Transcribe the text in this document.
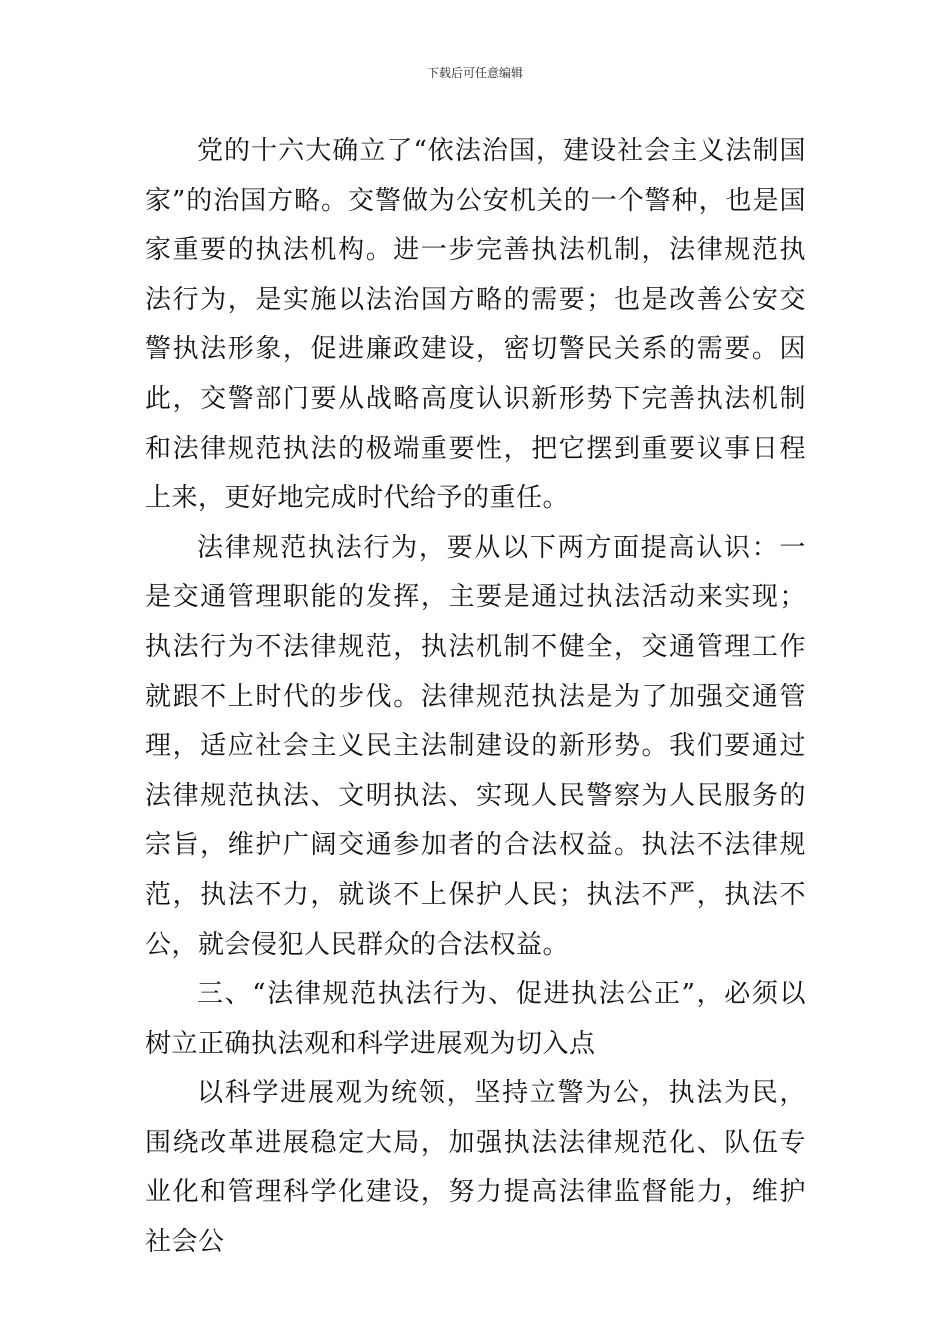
下载后可任意编辑

党的十六大确立了“依法治国，建设社会主义法制国家”的治国方略。交警做为公安机关的一个警种，也是国家重要的执法机构。进一步完善执法机制，法律规范执法行为，是实施以法治国方略的需要；也是改善公安交警执法形象，促进廉政建设，密切警民关系的需要。因此，交警部门要从战略高度认识新形势下完善执法机制和法律规范执法的极端重要性，把它摆到重要议事日程上来，更好地完成时代给予的重任。

法律规范执法行为，要从以下两方面提高认识：一是交通管理职能的发挥，主要是通过执法活动来实现；执法行为不法律规范，执法机制不健全，交通管理工作就跟不上时代的步伐。法律规范执法是为了加强交通管理，适应社会主义民主法制建设的新形势。我们要通过法律规范执法、文明执法、实现人民警察为人民服务的宗旨，维护广阔交通参加者的合法权益。执法不法律规范，执法不力，就谈不上保护人民；执法不严，执法不公，就会侵犯人民群众的合法权益。

三、“法律规范执法行为、促进执法公正”，必须以树立正确执法观和科学进展观为切入点

以科学进展观为统领，坚持立警为公，执法为民，围绕改革进展稳定大局，加强执法法律规范化、队伍专业化和管理科学化建设，努力提高法律监督能力，维护社会公
